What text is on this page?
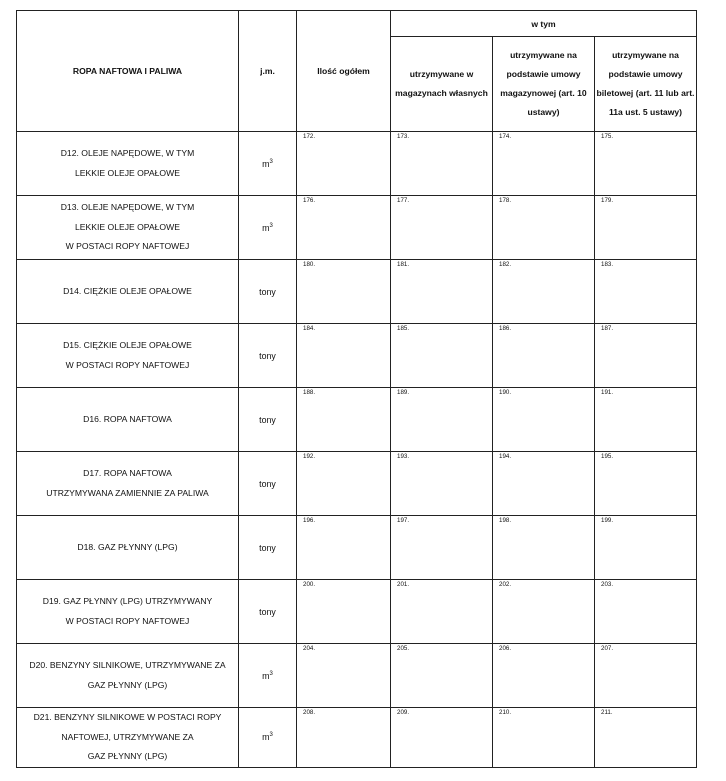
ROPA NAFTOWA I PALIWA	j.m.	Ilość ogółem	w tym		
			utrzymywane w magazynach własnych	utrzymywane na podstawie umowy magazynowej (art. 10 ustawy)	utrzymywane na podstawie umowy biletowej (art. 11 lub art. 11a ust. 5 ustawy)

D12. OLEJE NAPĘDOWE, W TYM
LEKKIE OLEJE OPAŁOWE	$m^3$	172.	173.	174.	175.

D13. OLEJE NAPĘDOWE, W TYM
LEKKIE OLEJE OPAŁOWE
W POSTACI ROPY NAFTOWEJ	$m^3$	176.	177.	178.	179.

D14. CIĘŻKIE OLEJE OPAŁOWE	tony	180.	181.	182.	183.

D15. CIĘŻKIE OLEJE OPAŁOWE
W POSTACI ROPY NAFTOWEJ	tony	184.	185.	186.	187.

D16. ROPA NAFTOWA	tony	188.	189.	190.	191.

D17. ROPA NAFTOWA
UTRZYMYWANA ZAMIENNIE ZA PALIWA	tony	192.	193.	194.	195.

D18. GAZ PŁYNNY (LPG)	tony	196.	197.	198.	199.

D19. GAZ PŁYNNY (LPG) UTRZYMYWANY
W POSTACI ROPY NAFTOWEJ	tony	200.	201.	202.	203.

D20. BENZYNY SILNIKOWE, UTRZYMYWANE ZA
GAZ PŁYNNY (LPG)	$m^3$	204.	205.	206.	207.

D21. BENZYNY SILNIKOWE W POSTACI ROPY
NAFTOWEJ, UTRZYMYWANE ZA
GAZ PŁYNNY (LPG)	$m^3$	208.	209.	210.	211.
